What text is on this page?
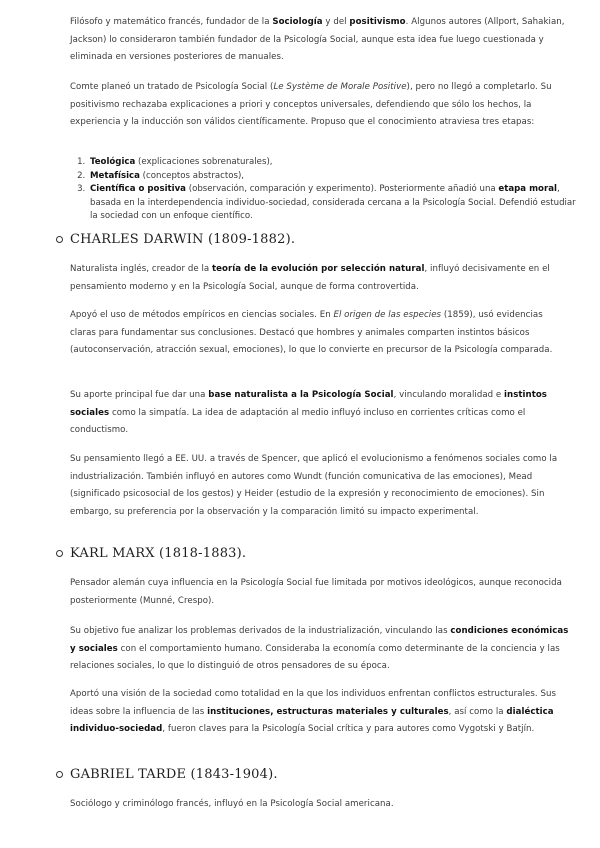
Filósofo y matemático francés, fundador de la Sociología y del positivismo. Algunos autores (Allport, Sahakian, Jackson) lo consideraron también fundador de la Psicología Social, aunque esta idea fue luego cuestionada y eliminada en versiones posteriores de manuales.

Comte planeó un tratado de Psicología Social (Le Système de Morale Positive), pero no llegó a completarlo. Su positivismo rechazaba explicaciones a priori y conceptos universales, defendiendo que sólo los hechos, la experiencia y la inducción son válidos científicamente. Propuso que el conocimiento atraviesa tres etapas:

1. Teológica (explicaciones sobrenaturales),
2. Metafísica (conceptos abstractos),
3. Científica o positiva (observación, comparación y experimento). Posteriormente añadió una etapa moral, basada en la interdependencia individuo-sociedad, considerada cercana a la Psicología Social. Defendió estudiar la sociedad con un enfoque científico.
CHARLES DARWIN (1809-1882).

Naturalista inglés, creador de la teoría de la evolución por selección natural, influyó decisivamente en el pensamiento moderno y en la Psicología Social, aunque de forma controvertida.

Apoyó el uso de métodos empíricos en ciencias sociales. En El origen de las especies (1859), usó evidencias claras para fundamentar sus conclusiones. Destacó que hombres y animales comparten instintos básicos (autoconservación, atracción sexual, emociones), lo que lo convierte en precursor de la Psicología comparada.

Su aporte principal fue dar una base naturalista a la Psicología Social, vinculando moralidad e instintos sociales como la simpatía. La idea de adaptación al medio influyó incluso en corrientes críticas como el conductismo.

Su pensamiento llegó a EE. UU. a través de Spencer, que aplicó el evolucionismo a fenómenos sociales como la industrialización. También influyó en autores como Wundt (función comunicativa de las emociones), Mead (significado psicosocial de los gestos) y Heider (estudio de la expresión y reconocimiento de emociones). Sin embargo, su preferencia por la observación y la comparación limitó su impacto experimental.

KARL MARX (1818-1883).

Pensador alemán cuya influencia en la Psicología Social fue limitada por motivos ideológicos, aunque reconocida posteriormente (Munné, Crespo).

Su objetivo fue analizar los problemas derivados de la industrialización, vinculando las condiciones económicas y sociales con el comportamiento humano. Consideraba la economía como determinante de la conciencia y las relaciones sociales, lo que lo distinguió de otros pensadores de su época.

Aportó una visión de la sociedad como totalidad en la que los individuos enfrentan conflictos estructurales. Sus ideas sobre la influencia de las instituciones, estructuras materiales y culturales, así como la dialéctica individuo-sociedad, fueron claves para la Psicología Social crítica y para autores como Vygotski y Batjín.

GABRIEL TARDE (1843-1904).

Sociólogo y criminólogo francés, influyó en la Psicología Social americana.
